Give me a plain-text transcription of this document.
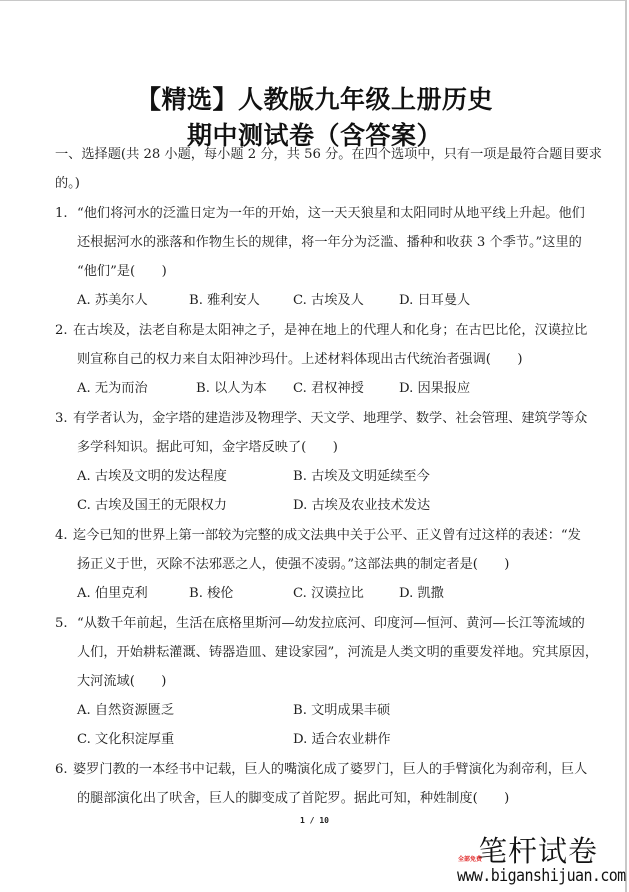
【精选】人教版九年级上册历史
期中测试卷（含答案）
一、选择题(共 28 小题，每小题 2 分，共 56 分。在四个选项中，只有一项是最符合题目要求
的。)
1. “他们将河水的泛滥日定为一年的开始，这一天天狼星和太阳同时从地平线上升起。他们
还根据河水的涨落和作物生长的规律，将一年分为泛滥、播种和收获 3 个季节。”这里的
“他们”是(　　)
A. 苏美尔人	B. 雅利安人	C. 古埃及人	D. 日耳曼人
2. 在古埃及，法老自称是太阳神之子，是神在地上的代理人和化身；在古巴比伦，汉谟拉比
则宣称自己的权力来自太阳神沙玛什。上述材料体现出古代统治者强调(　　)
A. 无为而治	B. 以人为本 C. 君权神授	D. 因果报应
3. 有学者认为，金字塔的建造涉及物理学、天文学、地理学、数学、社会管理、建筑学等众
多学科知识。据此可知，金字塔反映了(　　)
A. 古埃及文明的发达程度	B. 古埃及文明延续至今
C. 古埃及国王的无限权力	D. 古埃及农业技术发达
4. 迄今已知的世界上第一部较为完整的成文法典中关于公平、正义曾有过这样的表述：“发
扬正义于世，灭除不法邪恶之人，使强不凌弱。”这部法典的制定者是(　　)
A. 伯里克利	B. 梭伦	C. 汉谟拉比	D. 凯撒
5. “从数千年前起，生活在底格里斯河—幼发拉底河、印度河—恒河、黄河—长江等流域的
人们，开始耕耘灌溉、铸器造皿、建设家园”，河流是人类文明的重要发祥地。究其原因，
大河流域(　　)
A. 自然资源匮乏	B. 文明成果丰硕
C. 文化积淀厚重	D. 适合农业耕作
6. 婆罗门教的一本经书中记载，巨人的嘴演化成了婆罗门，巨人的手臂演化为刹帝利，巨人
的腿部演化出了吠舍，巨人的脚变成了首陀罗。据此可知，种姓制度(　　)
1 / 10
全部免费
笔杆试卷
www.biganshijuan.com
